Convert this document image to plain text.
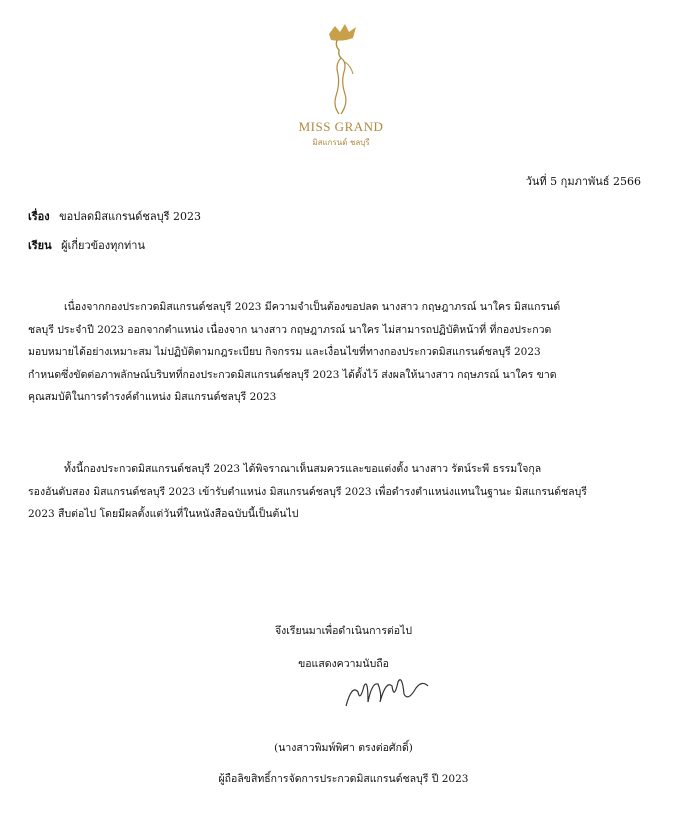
MISS GRAND
มิสแกรนด์ ชลบุรี
วันที่ 5 กุมภาพันธ์ 2566
เรื่อง ขอปลดมิสแกรนด์ชลบุรี 2023
เรียน ผู้เกี่ยวข้องทุกท่าน
เนื่องจากกองประกวดมิสแกรนด์ชลบุรี 2023 มีความจำเป็นต้องขอปลด นางสาว กฤษฎาภรณ์ นาใคร มิสแกรนด์
ชลบุรี ประจำปี 2023 ออกจากตำแหน่ง เนื่องจาก นางสาว กฤษฎาภรณ์ นาใคร ไม่สามารถปฏิบัติหน้าที่ ที่กองประกวด
มอบหมายได้อย่างเหมาะสม ไม่ปฏิบัติตามกฎระเบียบ กิจกรรม และเงื่อนไขที่ทางกองประกวดมิสแกรนด์ชลบุรี 2023
กำหนดซึ่งขัดต่อภาพลักษณ์บริบทที่กองประกวดมิสแกรนด์ชลบุรี 2023 ได้ตั้งไว้ ส่งผลให้นางสาว กฤษภรณ์ นาใคร ขาด
คุณสมบัติในการดำรงค์ตำแหน่ง มิสแกรนด์ชลบุรี 2023
ทั้งนี้กองประกวดมิสแกรนด์ชลบุรี 2023 ได้พิจราณาเห็นสมควรและขอแต่งตั้ง นางสาว รัตน์ระพี ธรรมใจกุล
รองอันดับสอง มิสแกรนด์ชลบุรี 2023 เข้ารับตำแหน่ง มิสแกรนด์ชลบุรี 2023 เพื่อดำรงตำแหน่งแทนในฐานะ มิสแกรนด์ชลบุรี
2023 สืบต่อไป โดยมีผลตั้งแต่วันที่ในหนังสือฉบับนี้เป็นต้นไป
จึงเรียนมาเพื่อดำเนินการต่อไป
ขอแสดงความนับถือ
(นางสาวพิมพ์พิศา ตรงต่อศักดิ์)
ผู้ถือลิขสิทธิ์การจัดการประกวดมิสแกรนด์ชลบุรี ปี 2023
